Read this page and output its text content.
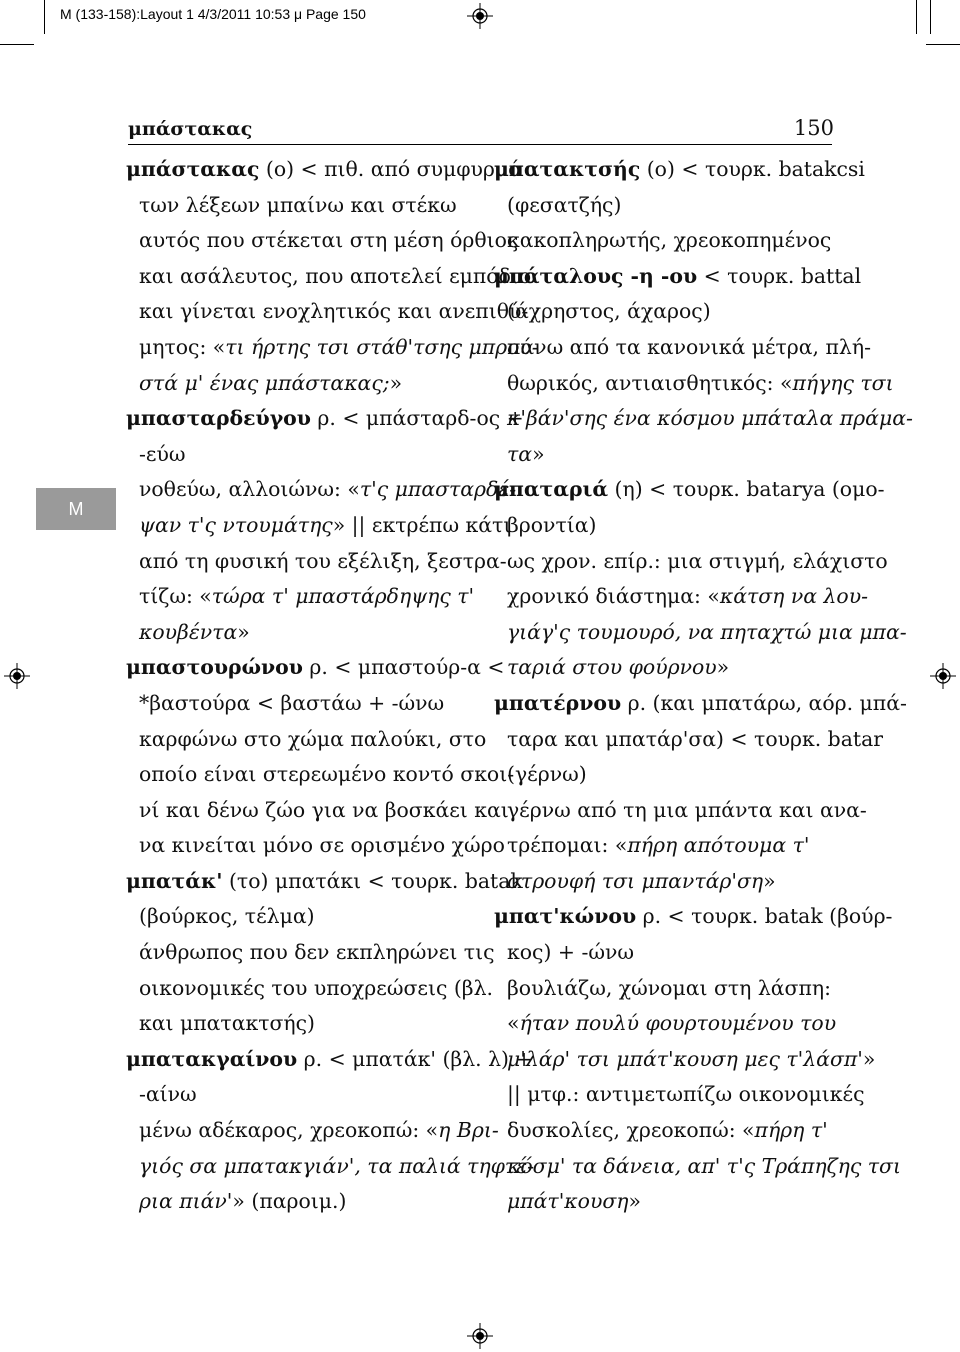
M (133-158):Layout 1 4/3/2011 10:53 μ Page 150
μπάστακας	150
Μ
μπάστακας (ο) < πιθ. από συμφυρμό
των λέξεων μπαίνω και στέκω
αυτός που στέκεται στη μέση όρθιος
και ασάλευτος, που αποτελεί εμπόδιο
και γίνεται ενοχλητικός και ανεπιθύ-
μητος: «τι ήρτης τσι στάθ'τσης μπρου-
στά μ' ένας μπάστακας;»
μπασταρδεύγου ρ. < μπάσταρδ-ος +
-εύω
νοθεύω, αλλοιώνω: «τ'ς μπασταρδέ-
ψαν τ'ς ντουμάτης» || εκτρέπω κάτι
από τη φυσική του εξέλιξη, ξεστρα-
τίζω: «τώρα τ' μπαστάρδηψης τ'
κουβέντα»
μπαστουρώνου ρ. < μπαστούρ-α <
*βαστούρα < βαστάω + -ώνω
καρφώνω στο χώμα παλούκι, στο
οποίο είναι στερεωμένο κοντό σκοι-
νί και δένω ζώο για να βοσκάει και
να κινείται μόνο σε ορισμένο χώρο
μπατάκ' (το) μπατάκι < τουρκ. batak
(βούρκος, τέλμα)
άνθρωπος που δεν εκπληρώνει τις
οικονομικές του υποχρεώσεις (βλ.
και μπατακτσής)
μπατακγαίνου ρ. < μπατάκ' (βλ. λ) +
-αίνω
μένω αδέκαρος, χρεοκοπώ: «η Βρι-
γιός σα μπατακγιάν', τα παλιά τηφτέ-
ρια πιάν'» (παροιμ.)
μπατακτσής (ο) < τουρκ. batakcsi
(φεσατζής)
κακοπληρωτής, χρεοκοπημένος
μπάταλους -η -ου < τουρκ. battal
(άχρηστος, άχαρος)
πάνω από τα κανονικά μέτρα, πλή-
θωρικός, αντιαισθητικός: «πήγης τσι
κ'βάν'σης ένα κόσμου μπάταλα πράμα-
τα»
μπαταριά (η) < τουρκ. batarya (ομο-
βροντία)
ως χρον. επίρ.: μια στιγμή, ελάχιστο
χρονικό διάστημα: «κάτση να λου-
γιάγ'ς τουμουρό, να πηταχτώ μια μπα-
ταριά στου φούρνου»
μπατέρνου ρ. (και μπατάρω, αόρ. μπά-
ταρα και μπατάρ'σα) < τουρκ. batar
(γέρνω)
γέρνω από τη μια μπάντα και ανα-
τρέπομαι: «πήρη απότουμα τ'
στρουφή τσι μπαντάρ'ση»
μπατ'κώνου ρ. < τουρκ. batak (βούρ-
κος) + -ώνω
βουλιάζω, χώνομαι στη λάσπη:
«ήταν πουλύ φουρτουμένου του
μ'λάρ' τσι μπάτ'κουση μες τ'λάσπ'»
|| μτφ.: αντιμετωπίζω οικονομικές
δυσκολίες, χρεοκοπώ: «πήρη τ'
κόσμ' τα δάνεια, απ' τ'ς Τράπηζης τσι
μπάτ'κουση»
